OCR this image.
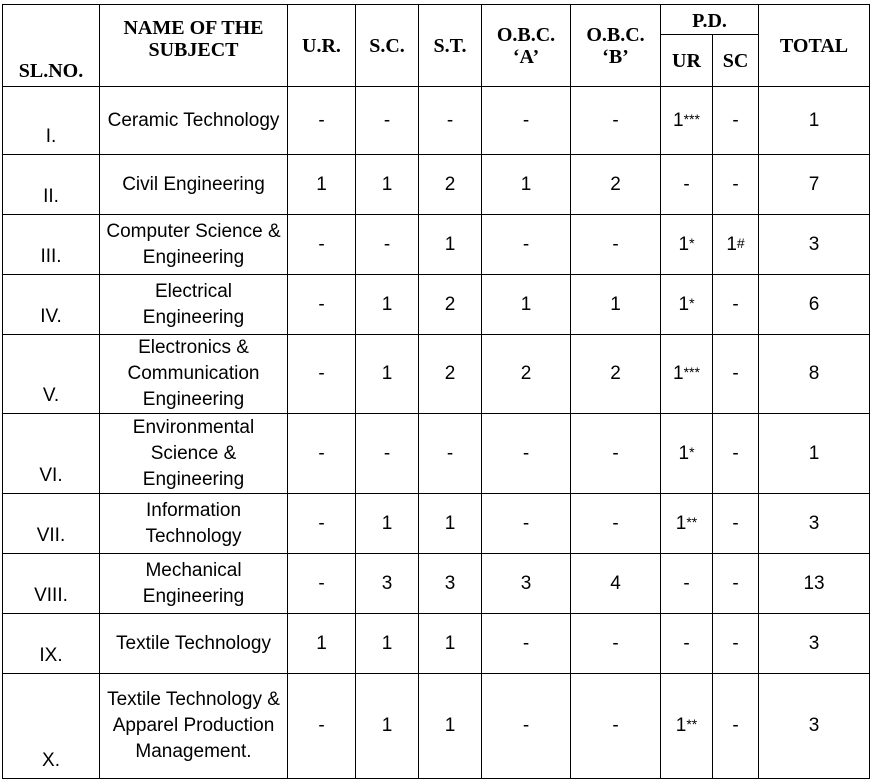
SL.NO.	NAME OF THE SUBJECT	U.R.	S.C.	S.T.	O.B.C. ‘A’	O.B.C. ‘B’	P.D.		TOTAL
							UR	SC	
I.	Ceramic Technology	-	-	-	-	-	1***	-	1
II.	Civil Engineering	1	1	2	1	2	-	-	7
III.	Computer Science & Engineering	-	-	1	-	-	1*	1#	3
IV.	Electrical Engineering	-	1	2	1	1	1*	-	6
V.	Electronics & Communication Engineering	-	1	2	2	2	1***	-	8
VI.	Environmental Science & Engineering	-	-	-	-	-	1*	-	1
VII.	Information Technology	-	1	1	-	-	1**	-	3
VIII.	Mechanical Engineering	-	3	3	3	4	-	-	13
IX.	Textile Technology	1	1	1	-	-	-	-	3
X.	Textile Technology & Apparel Production Management.	-	1	1	-	-	1**	-	3
